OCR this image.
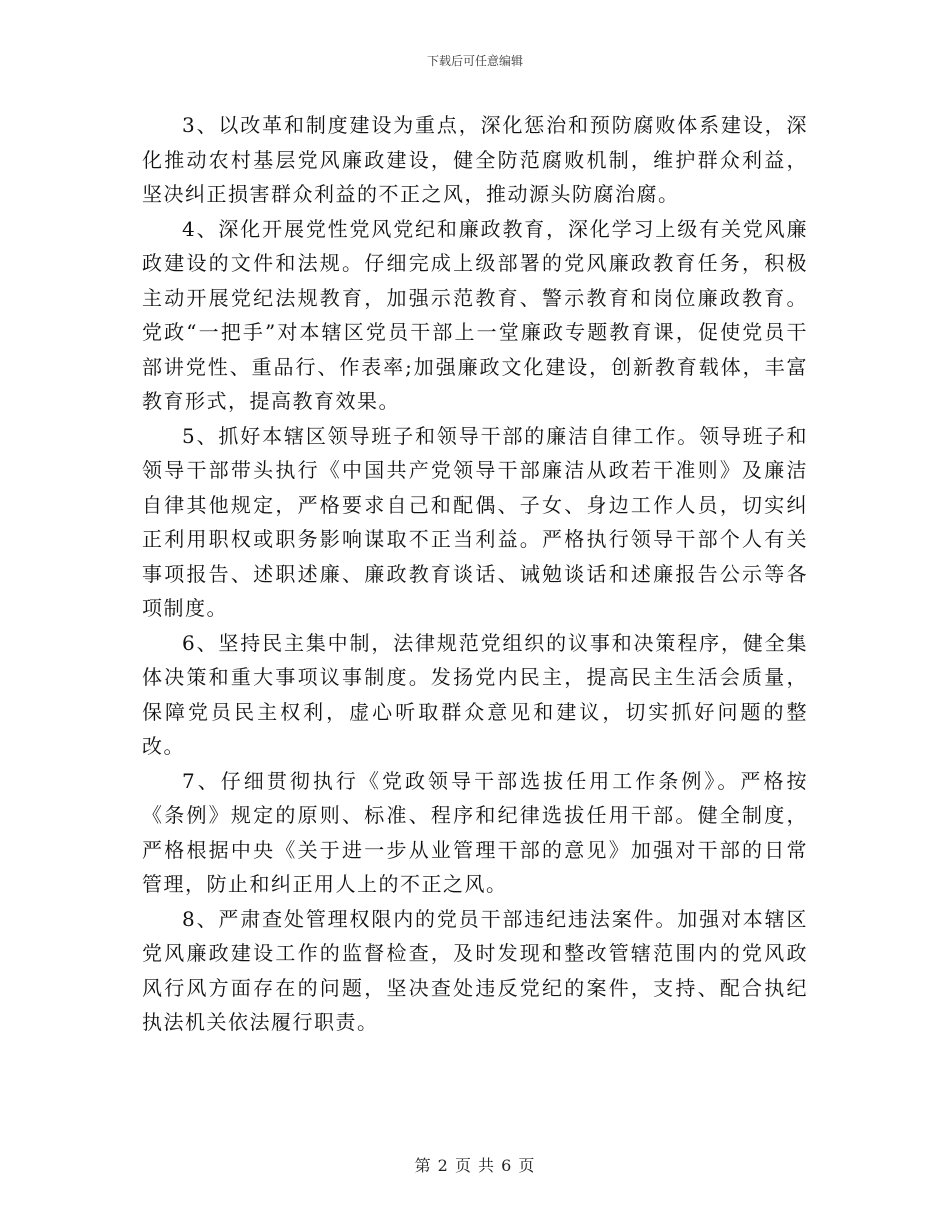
下载后可任意编辑

3、以改革和制度建设为重点，深化惩治和预防腐败体系建设，深化推动农村基层党风廉政建设，健全防范腐败机制，维护群众利益，坚决纠正损害群众利益的不正之风，推动源头防腐治腐。

4、深化开展党性党风党纪和廉政教育，深化学习上级有关党风廉政建设的文件和法规。仔细完成上级部署的党风廉政教育任务，积极主动开展党纪法规教育，加强示范教育、警示教育和岗位廉政教育。党政“一把手”对本辖区党员干部上一堂廉政专题教育课，促使党员干部讲党性、重品行、作表率;加强廉政文化建设，创新教育载体，丰富教育形式，提高教育效果。

5、抓好本辖区领导班子和领导干部的廉洁自律工作。领导班子和领导干部带头执行《中国共产党领导干部廉洁从政若干准则》及廉洁自律其他规定，严格要求自己和配偶、子女、身边工作人员，切实纠正利用职权或职务影响谋取不正当利益。严格执行领导干部个人有关事项报告、述职述廉、廉政教育谈话、诫勉谈话和述廉报告公示等各项制度。

6、坚持民主集中制，法律规范党组织的议事和决策程序，健全集体决策和重大事项议事制度。发扬党内民主，提高民主生活会质量，保障党员民主权利，虚心听取群众意见和建议，切实抓好问题的整改。

7、仔细贯彻执行《党政领导干部选拔任用工作条例》。严格按《条例》规定的原则、标准、程序和纪律选拔任用干部。健全制度，严格根据中央《关于进一步从业管理干部的意见》加强对干部的日常管理，防止和纠正用人上的不正之风。

8、严肃查处管理权限内的党员干部违纪违法案件。加强对本辖区党风廉政建设工作的监督检查，及时发现和整改管辖范围内的党风政风行风方面存在的问题，坚决查处违反党纪的案件，支持、配合执纪执法机关依法履行职责。

第 2 页 共 6 页
